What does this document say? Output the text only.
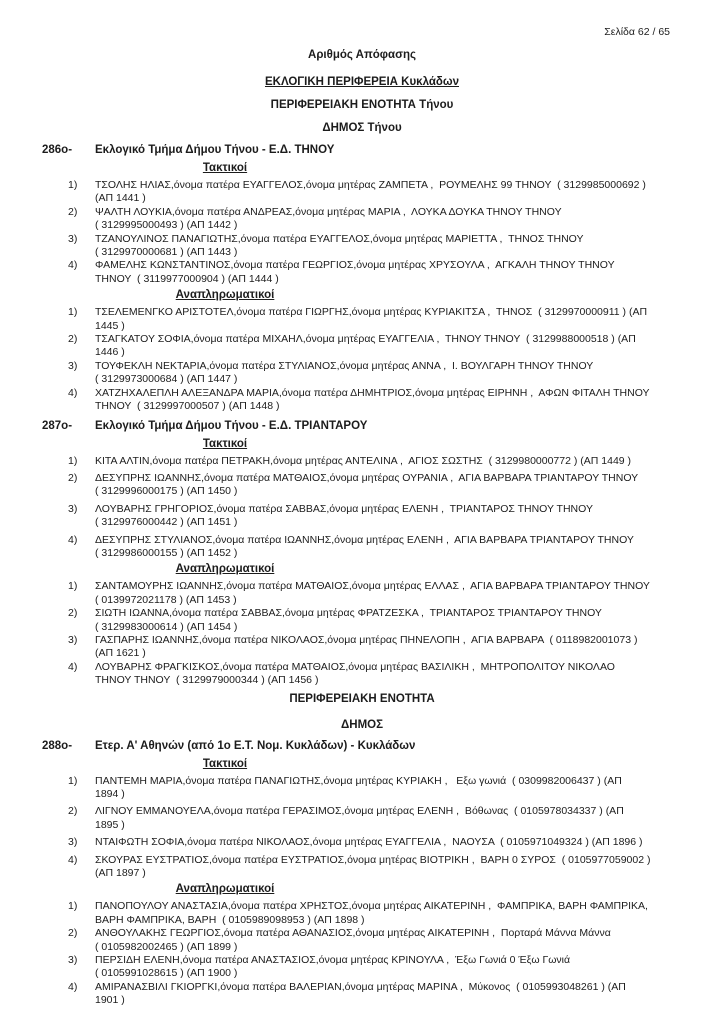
Σελίδα 62 / 65
Αριθμός Απόφασης
ΕΚΛΟΓΙΚΗ ΠΕΡΙΦΕΡΕΙΑ Κυκλάδων
ΠΕΡΙΦΕΡΕΙΑΚΗ ΕΝΟΤΗΤΑ Τήνου
ΔΗΜΟΣ Τήνου
286ο-	Εκλογικό Τμήμα Δήμου Τήνου - Ε.Δ. ΤΗΝΟΥ
Τακτικοί
1)	ΤΣΟΛΗΣ ΗΛΙΑΣ,όνομα πατέρα ΕΥΑΓΓΕΛΟΣ,όνομα μητέρας ΖΑΜΠΕΤΑ ,  ΡΟΥΜΕΛΗΣ 99 ΤΗΝΟΥ  ( 3129985000692 )
(ΑΠ 1441 )
2)	ΨΑΛΤΗ ΛΟΥΚΙΑ,όνομα πατέρα ΑΝΔΡΕΑΣ,όνομα μητέρας ΜΑΡΙΑ ,  ΛΟΥΚΑ ΔΟΥΚΑ ΤΗΝΟΥ ΤΗΝΟΥ
( 3129995000493 ) (ΑΠ 1442 )
3)	ΤΖΑΝΟΥΛΙΝΟΣ ΠΑΝΑΓΙΩΤΗΣ,όνομα πατέρα ΕΥΑΓΓΕΛΟΣ,όνομα μητέρας ΜΑΡΙΕΤΤΑ ,  ΤΗΝΟΣ ΤΗΝΟΥ
( 3129970000681 ) (ΑΠ 1443 )
4)	ΦΑΜΕΛΗΣ ΚΩΝΣΤΑΝΤΙΝΟΣ,όνομα πατέρα ΓΕΩΡΓΙΟΣ,όνομα μητέρας ΧΡΥΣΟΥΛΑ ,  ΑΓΚΑΛΗ ΤΗΝΟΥ ΤΗΝΟΥ
ΤΗΝΟΥ  ( 3119977000904 ) (ΑΠ 1444 )
Αναπληρωματικοί
1)	ΤΣΕΛΕΜΕΝΓΚΟ ΑΡΙΣΤΟΤΕΛ,όνομα πατέρα ΓΙΩΡΓΗΣ,όνομα μητέρας ΚΥΡΙΑΚΙΤΣΑ ,  ΤΗΝΟΣ  ( 3129970000911 ) (ΑΠ
1445 )
2)	ΤΣΑΓΚΑΤΟΥ ΣΟΦΙΑ,όνομα πατέρα ΜΙΧΑΗΛ,όνομα μητέρας ΕΥΑΓΓΕΛΙΑ ,  ΤΗΝΟΥ ΤΗΝΟΥ  ( 3129988000518 ) (ΑΠ
1446 )
3)	ΤΟΥΦΕΚΛΗ ΝΕΚΤΑΡΙΑ,όνομα πατέρα ΣΤΥΛΙΑΝΟΣ,όνομα μητέρας ΑΝΝΑ ,  Ι. ΒΟΥΛΓΑΡΗ ΤΗΝΟΥ ΤΗΝΟΥ
( 3129973000684 ) (ΑΠ 1447 )
4)	ΧΑΤΖΗΧΑΛΕΠΛΗ ΑΛΕΞΑΝΔΡΑ ΜΑΡΙΑ,όνομα πατέρα ΔΗΜΗΤΡΙΟΣ,όνομα μητέρας ΕΙΡΗΝΗ ,  ΑΦΩΝ ΦΙΤΑΛΗ ΤΗΝΟΥ
ΤΗΝΟΥ  ( 3129997000507 ) (ΑΠ 1448 )
287ο-	Εκλογικό Τμήμα Δήμου Τήνου - Ε.Δ. ΤΡΙΑΝΤΑΡΟΥ
Τακτικοί
1)	ΚΙΤΑ ΑΛΤΙΝ,όνομα πατέρα ΠΕΤΡΑΚΗ,όνομα μητέρας ΑΝΤΕΛΙΝΑ ,  ΑΓΙΟΣ ΣΩΣΤΗΣ  ( 3129980000772 ) (ΑΠ 1449 )
2)	ΔΕΣΥΠΡΗΣ ΙΩΑΝΝΗΣ,όνομα πατέρα ΜΑΤΘΑΙΟΣ,όνομα μητέρας ΟΥΡΑΝΙΑ ,  ΑΓΙΑ ΒΑΡΒΑΡΑ ΤΡΙΑΝΤΑΡΟΥ ΤΗΝΟΥ
( 3129996000175 ) (ΑΠ 1450 )
3)	ΛΟΥΒΑΡΗΣ ΓΡΗΓΟΡΙΟΣ,όνομα πατέρα ΣΑΒΒΑΣ,όνομα μητέρας ΕΛΕΝΗ ,  ΤΡΙΑΝΤΑΡΟΣ ΤΗΝΟΥ ΤΗΝΟΥ
( 3129976000442 ) (ΑΠ 1451 )
4)	ΔΕΣΥΠΡΗΣ ΣΤΥΛΙΑΝΟΣ,όνομα πατέρα ΙΩΑΝΝΗΣ,όνομα μητέρας ΕΛΕΝΗ ,  ΑΓΙΑ ΒΑΡΒΑΡΑ ΤΡΙΑΝΤΑΡΟΥ ΤΗΝΟΥ
( 3129986000155 ) (ΑΠ 1452 )
Αναπληρωματικοί
1)	ΣΑΝΤΑΜΟΥΡΗΣ ΙΩΑΝΝΗΣ,όνομα πατέρα ΜΑΤΘΑΙΟΣ,όνομα μητέρας ΕΛΛΑΣ ,  ΑΓΙΑ ΒΑΡΒΑΡΑ ΤΡΙΑΝΤΑΡΟΥ ΤΗΝΟΥ
( 0139972021178 ) (ΑΠ 1453 )
2)	ΣΙΩΤΗ ΙΩΑΝΝΑ,όνομα πατέρα ΣΑΒΒΑΣ,όνομα μητέρας ΦΡΑΤΖΕΣΚΑ ,  ΤΡΙΑΝΤΑΡΟΣ ΤΡΙΑΝΤΑΡΟΥ ΤΗΝΟΥ
( 3129983000614 ) (ΑΠ 1454 )
3)	ΓΑΣΠΑΡΗΣ ΙΩΑΝΝΗΣ,όνομα πατέρα ΝΙΚΟΛΑΟΣ,όνομα μητέρας ΠΗΝΕΛΟΠΗ ,  ΑΓΙΑ ΒΑΡΒΑΡΑ  ( 0118982001073 )
(ΑΠ 1621 )
4)	ΛΟΥΒΑΡΗΣ ΦΡΑΓΚΙΣΚΟΣ,όνομα πατέρα ΜΑΤΘΑΙΟΣ,όνομα μητέρας ΒΑΣΙΛΙΚΗ ,  ΜΗΤΡΟΠΟΛΙΤΟΥ ΝΙΚΟΛΑΟ
ΤΗΝΟΥ ΤΗΝΟΥ  ( 3129979000344 ) (ΑΠ 1456 )
ΠΕΡΙΦΕΡΕΙΑΚΗ ΕΝΟΤΗΤΑ
ΔΗΜΟΣ
288ο-	Ετερ. Α' Αθηνών (από 1ο Ε.Τ. Νομ. Κυκλάδων) - Κυκλάδων
Τακτικοί
1)	ΠΑΝΤΕΜΗ ΜΑΡΙΑ,όνομα πατέρα ΠΑΝΑΓΙΩΤΗΣ,όνομα μητέρας ΚΥΡΙΑΚΗ ,   Εξω γωνιά  ( 0309982006437 ) (ΑΠ
1894 )
2)	ΛΙΓΝΟΥ ΕΜΜΑΝΟΥΕΛΑ,όνομα πατέρα ΓΕΡΑΣΙΜΟΣ,όνομα μητέρας ΕΛΕΝΗ ,  Βόθωνας  ( 0105978034337 ) (ΑΠ
1895 )
3)	ΝΤΑΙΦΩΤΗ ΣΟΦΙΑ,όνομα πατέρα ΝΙΚΟΛΑΟΣ,όνομα μητέρας ΕΥΑΓΓΕΛΙΑ ,  ΝΑΟΥΣΑ  ( 0105971049324 ) (ΑΠ 1896 )
4)	ΣΚΟΥΡΑΣ ΕΥΣΤΡΑΤΙΟΣ,όνομα πατέρα ΕΥΣΤΡΑΤΙΟΣ,όνομα μητέρας ΒΙΟΤΡΙΚΗ ,  ΒΑΡΗ 0 ΣΥΡΟΣ  ( 0105977059002 )
(ΑΠ 1897 )
Αναπληρωματικοί
1)	ΠΑΝΟΠΟΥΛΟΥ ΑΝΑΣΤΑΣΙΑ,όνομα πατέρα ΧΡΗΣΤΟΣ,όνομα μητέρας ΑΙΚΑΤΕΡΙΝΗ ,  ΦΑΜΠΡΙΚΑ, ΒΑΡΗ ΦΑΜΠΡΙΚΑ,
ΒΑΡΗ ΦΑΜΠΡΙΚΑ, ΒΑΡΗ  ( 0105989098953 ) (ΑΠ 1898 )
2)	ΑΝΘΟΥΛΑΚΗΣ ΓΕΩΡΓΙΟΣ,όνομα πατέρα ΑΘΑΝΑΣΙΟΣ,όνομα μητέρας ΑΙΚΑΤΕΡΙΝΗ ,  Πορταρά Μάννα Μάννα
( 0105982002465 ) (ΑΠ 1899 )
3)	ΠΕΡΣΙΔΗ ΕΛΕΝΗ,όνομα πατέρα ΑΝΑΣΤΑΣΙΟΣ,όνομα μητέρας ΚΡΙΝΟΥΛΑ ,  Έξω Γωνιά 0 Έξω Γωνιά
( 0105991028615 ) (ΑΠ 1900 )
4)	ΑΜΙΡΑΝΑΣΒΙΛΙ ΓΚΙΟΡΓΚΙ,όνομα πατέρα ΒΑΛΕΡΙΑΝ,όνομα μητέρας ΜΑΡΙΝΑ ,  Μύκονος  ( 0105993048261 ) (ΑΠ
1901 )
